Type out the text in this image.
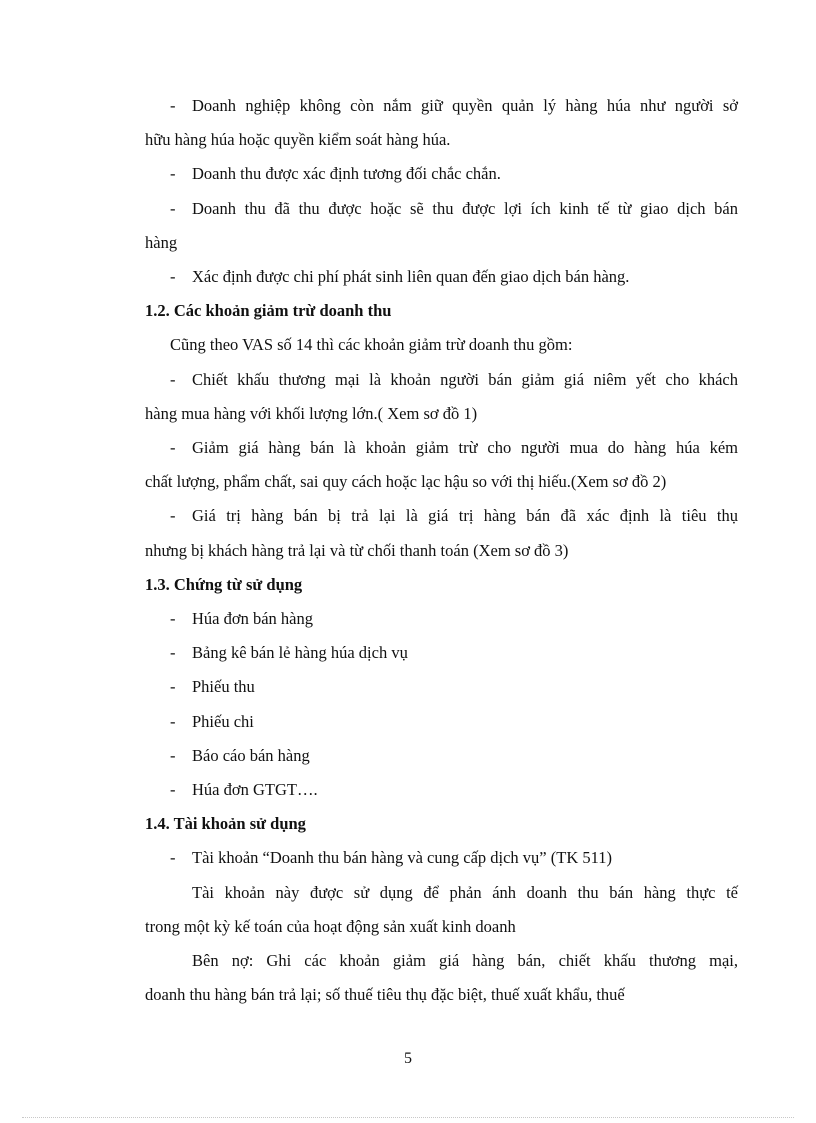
-	Doanh nghiệp không còn nắm giữ quyền quản lý hàng húa như người sở

hữu hàng húa hoặc quyền kiểm soát hàng húa.

-	Doanh thu được xác định tương đối chắc chắn.
-	Doanh thu đã thu được hoặc sẽ thu được lợi ích kinh tế từ giao dịch bán

hàng

-	Xác định được chi phí phát sinh liên quan đến giao dịch bán hàng.

1.2. Các khoản giảm trừ doanh thu

Cũng theo VAS số 14 thì các khoản giảm trừ doanh thu gồm:

-	Chiết khấu thương mại là khoản người bán giảm giá niêm yết cho khách

hàng mua hàng với khối lượng lớn.( Xem sơ đồ 1)

-	Giảm giá hàng bán là khoản giảm trừ cho người mua do hàng húa kém

chất lượng, phẩm chất, sai quy cách hoặc lạc hậu so với thị hiếu.(Xem sơ đồ 2)

-	Giá trị hàng bán bị trả lại là giá trị hàng bán đã xác định là tiêu thụ

nhưng bị khách hàng trả lại và từ chối thanh toán (Xem sơ đồ 3)

1.3. Chứng từ sử dụng

-	Húa đơn bán hàng
-	Bảng kê bán lẻ hàng húa dịch vụ
-	Phiếu thu
-	Phiếu chi
-	Báo cáo bán hàng
-	Húa đơn GTGT….

1.4. Tài khoản sử dụng

-	Tài khoản “Doanh thu bán hàng và cung cấp dịch vụ” (TK 511)

Tài khoản này được sử dụng để phản ánh doanh thu bán hàng thực tế

trong một kỳ kế toán của hoạt động sản xuất kinh doanh

Bên nợ: Ghi các khoản giảm giá hàng bán, chiết khấu thương mại,

doanh thu hàng bán trả lại; số thuế tiêu thụ đặc biệt, thuế xuất khẩu, thuế

5
